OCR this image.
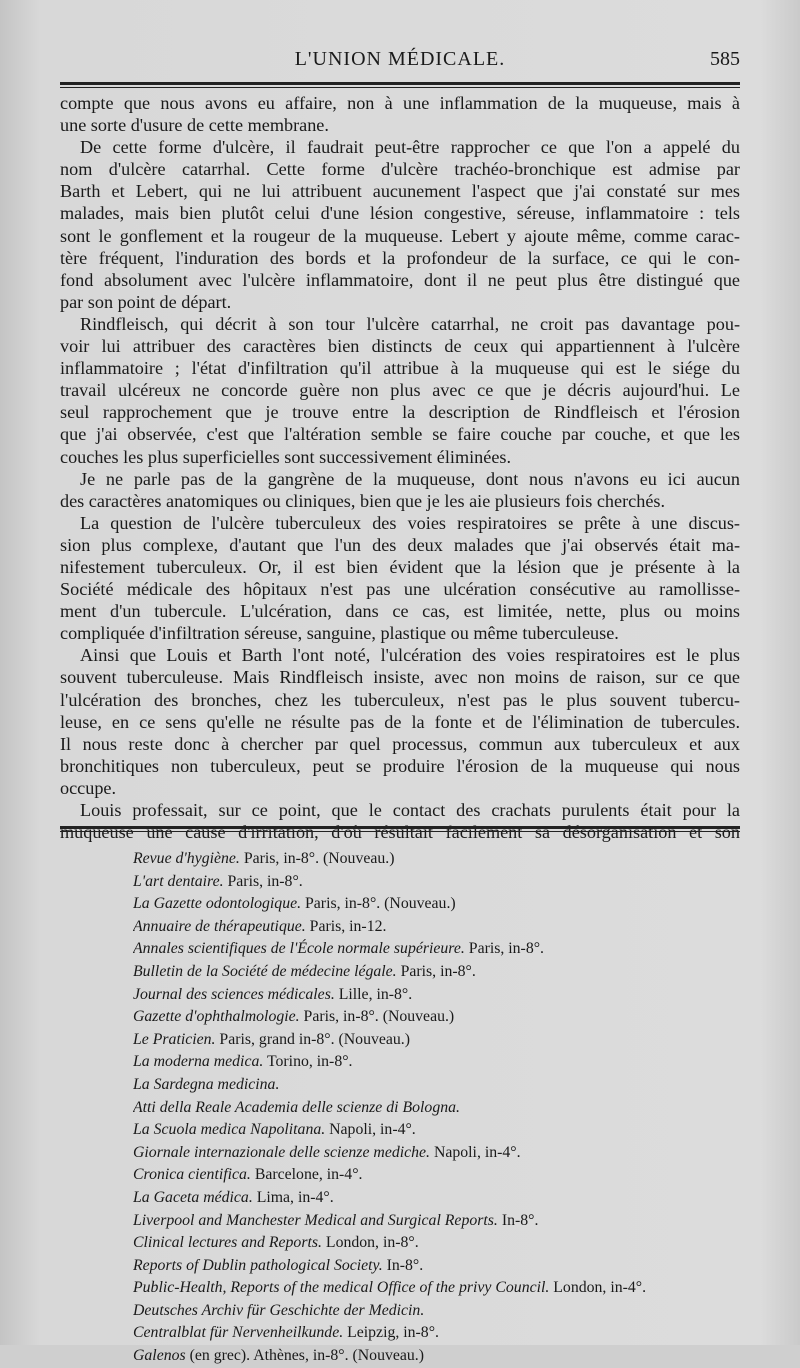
L'UNION MÉDICALE.	585
compte que nous avons eu affaire, non à une inflammation de la muqueuse, mais à
une sorte d'usure de cette membrane.
De cette forme d'ulcère, il faudrait peut-être rapprocher ce que l'on a appelé du
nom d'ulcère catarrhal. Cette forme d'ulcère trachéo-bronchique est admise par
Barth et Lebert, qui ne lui attribuent aucunement l'aspect que j'ai constaté sur mes
malades, mais bien plutôt celui d'une lésion congestive, séreuse, inflammatoire : tels
sont le gonflement et la rougeur de la muqueuse. Lebert y ajoute même, comme carac-
tère fréquent, l'induration des bords et la profondeur de la surface, ce qui le con-
fond absolument avec l'ulcère inflammatoire, dont il ne peut plus être distingué que
par son point de départ.
Rindfleisch, qui décrit à son tour l'ulcère catarrhal, ne croit pas davantage pou-
voir lui attribuer des caractères bien distincts de ceux qui appartiennent à l'ulcère
inflammatoire ; l'état d'infiltration qu'il attribue à la muqueuse qui est le siége du
travail ulcéreux ne concorde guère non plus avec ce que je décris aujourd'hui. Le
seul rapprochement que je trouve entre la description de Rindfleisch et l'érosion
que j'ai observée, c'est que l'altération semble se faire couche par couche, et que les
couches les plus superficielles sont successivement éliminées.
Je ne parle pas de la gangrène de la muqueuse, dont nous n'avons eu ici aucun
des caractères anatomiques ou cliniques, bien que je les aie plusieurs fois cherchés.
La question de l'ulcère tuberculeux des voies respiratoires se prête à une discus-
sion plus complexe, d'autant que l'un des deux malades que j'ai observés était ma-
nifestement tuberculeux. Or, il est bien évident que la lésion que je présente à la
Société médicale des hôpitaux n'est pas une ulcération consécutive au ramollisse-
ment d'un tubercule. L'ulcération, dans ce cas, est limitée, nette, plus ou moins
compliquée d'infiltration séreuse, sanguine, plastique ou même tuberculeuse.
Ainsi que Louis et Barth l'ont noté, l'ulcération des voies respiratoires est le plus
souvent tuberculeuse. Mais Rindfleisch insiste, avec non moins de raison, sur ce que
l'ulcération des bronches, chez les tuberculeux, n'est pas le plus souvent tubercu-
leuse, en ce sens qu'elle ne résulte pas de la fonte et de l'élimination de tubercules.
Il nous reste donc à chercher par quel processus, commun aux tuberculeux et aux
bronchitiques non tuberculeux, peut se produire l'érosion de la muqueuse qui nous
occupe.
Louis professait, sur ce point, que le contact des crachats purulents était pour la
muqueuse une cause d'irritation, d'où résultait facilement sa désorganisation et son
Revue d'hygiène. Paris, in-8°. (Nouveau.)
L'art dentaire. Paris, in-8°.
La Gazette odontologique. Paris, in-8°. (Nouveau.)
Annuaire de thérapeutique. Paris, in-12.
Annales scientifiques de l'École normale supérieure. Paris, in-8°.
Bulletin de la Société de médecine légale. Paris, in-8°.
Journal des sciences médicales. Lille, in-8°.
Gazette d'ophthalmologie. Paris, in-8°. (Nouveau.)
Le Praticien. Paris, grand in-8°. (Nouveau.)
La moderna medica. Torino, in-8°.
La Sardegna medicina.
Atti della Reale Academia delle scienze di Bologna.
La Scuola medica Napolitana. Napoli, in-4°.
Giornale internazionale delle scienze mediche. Napoli, in-4°.
Cronica cientifica. Barcelone, in-4°.
La Gaceta médica. Lima, in-4°.
Liverpool and Manchester Medical and Surgical Reports. In-8°.
Clinical lectures and Reports. London, in-8°.
Reports of Dublin pathological Society. In-8°.
Public-Health, Reports of the medical Office of the privy Council. London, in-4°.
Deutsches Archiv für Geschichte der Medicin.
Centralblat für Nervenheilkunde. Leipzig, in-8°.
Galenos (en grec). Athènes, in-8°. (Nouveau.)
